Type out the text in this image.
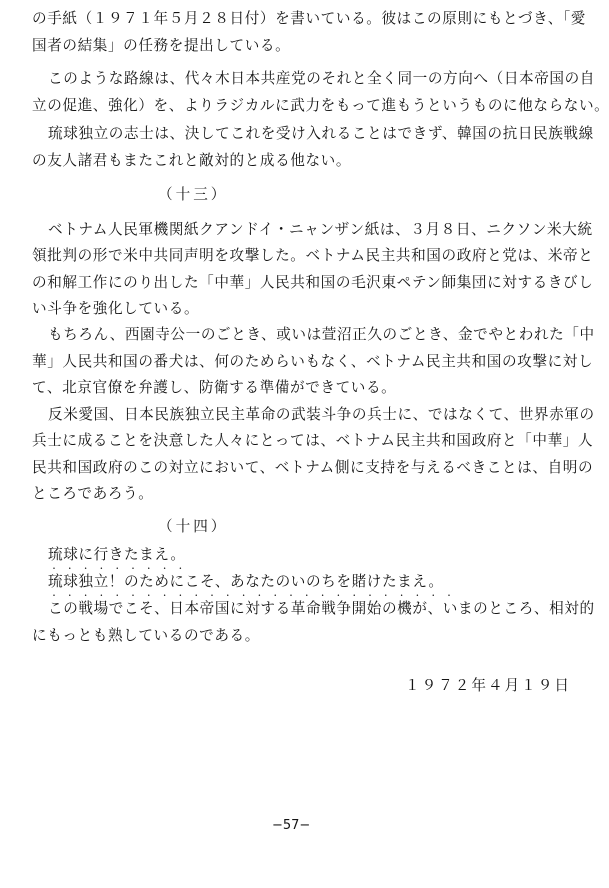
の手紙（１９７１年５月２８日付）を書いている。彼はこの原則にもとづき、「愛
国者の結集」の任務を提出している。
このような路線は、代々木日本共産党のそれと全く同一の方向へ（日本帝国の自
立の促進、強化）を、よりラジカルに武力をもって進もうというものに他ならない。
琉球独立の志士は、決してこれを受け入れることはできず、韓国の抗日民族戦線
の友人諸君もまたこれと敵対的と成る他ない。
（十三）
ベトナム人民軍機関紙クアンドイ・ニャンザン紙は、３月８日、ニクソン米大統
領批判の形で米中共同声明を攻撃した。ベトナム民主共和国の政府と党は、米帝と
の和解工作にのり出した「中華」人民共和国の毛沢東ペテン師集団に対するきびし
い斗争を強化している。
もちろん、西園寺公一のごとき、或いは萱沼正久のごとき、金でやとわれた「中
華」人民共和国の番犬は、何のためらいもなく、ベトナム民主共和国の攻撃に対し
て、北京官僚を弁護し、防衛する準備ができている。
反米愛国、日本民族独立民主革命の武装斗争の兵士に、ではなくて、世界赤軍の
兵士に成ることを決意した人々にとっては、ベトナム民主共和国政府と「中華」人
民共和国政府のこの対立において、ベトナム側に支持を与えるべきことは、自明の
ところであろう。
（十四）
琉球に行きたまえ。
・・・・・・・・・
琉球独立！のためにこそ、あなたのいのちを賭けたまえ。
・・・・・・・・・・・・・・・・・・・・・・・・・・
この戦場でこそ、日本帝国に対する革命戦争開始の機が、いまのところ、相対的
にもっとも熟しているのである。
１９７２年４月１９日
−57−
